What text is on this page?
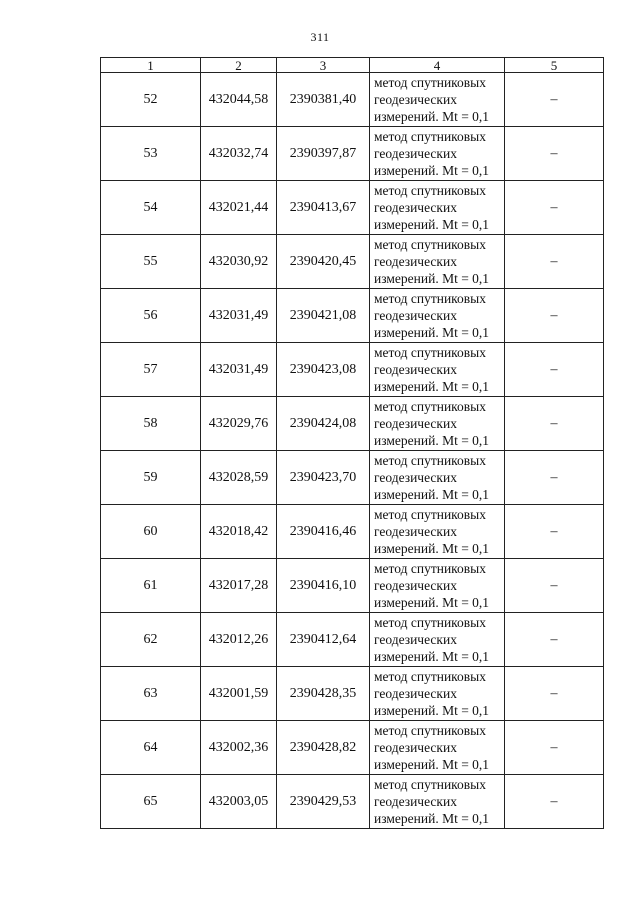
311
1	2	3	4	5
52	432044,58	2390381,40	метод спутниковых
геодезических
измерений. Mt = 0,1	–
53	432032,74	2390397,87	метод спутниковых
геодезических
измерений. Mt = 0,1	–
54	432021,44	2390413,67	метод спутниковых
геодезических
измерений. Mt = 0,1	–
55	432030,92	2390420,45	метод спутниковых
геодезических
измерений. Mt = 0,1	–
56	432031,49	2390421,08	метод спутниковых
геодезических
измерений. Mt = 0,1	–
57	432031,49	2390423,08	метод спутниковых
геодезических
измерений. Mt = 0,1	–
58	432029,76	2390424,08	метод спутниковых
геодезических
измерений. Mt = 0,1	–
59	432028,59	2390423,70	метод спутниковых
геодезических
измерений. Mt = 0,1	–
60	432018,42	2390416,46	метод спутниковых
геодезических
измерений. Mt = 0,1	–
61	432017,28	2390416,10	метод спутниковых
геодезических
измерений. Mt = 0,1	–
62	432012,26	2390412,64	метод спутниковых
геодезических
измерений. Mt = 0,1	–
63	432001,59	2390428,35	метод спутниковых
геодезических
измерений. Mt = 0,1	–
64	432002,36	2390428,82	метод спутниковых
геодезических
измерений. Mt = 0,1	–
65	432003,05	2390429,53	метод спутниковых
геодезических
измерений. Mt = 0,1	–
